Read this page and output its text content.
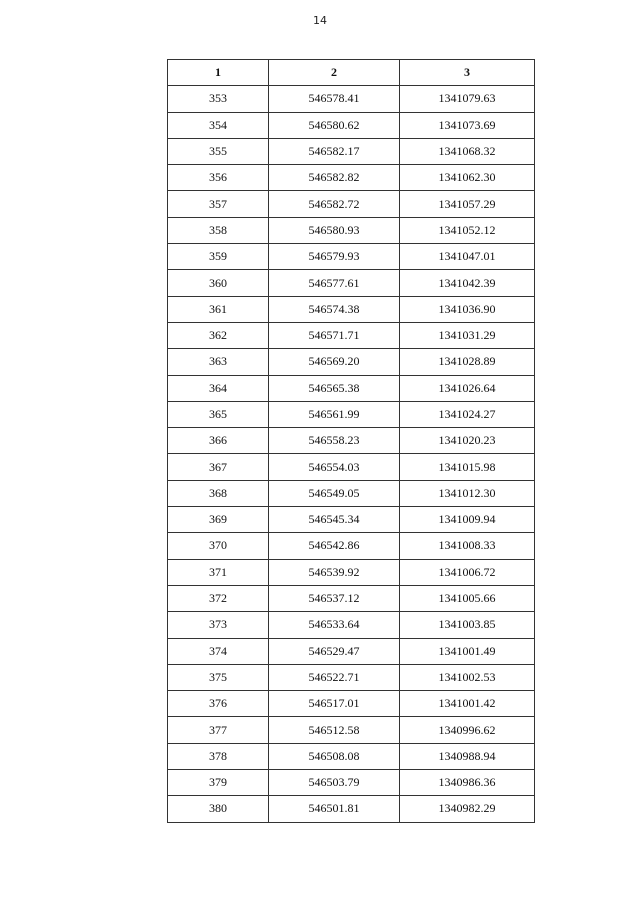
14
1	2	3
353	546578.41	1341079.63
354	546580.62	1341073.69
355	546582.17	1341068.32
356	546582.82	1341062.30
357	546582.72	1341057.29
358	546580.93	1341052.12
359	546579.93	1341047.01
360	546577.61	1341042.39
361	546574.38	1341036.90
362	546571.71	1341031.29
363	546569.20	1341028.89
364	546565.38	1341026.64
365	546561.99	1341024.27
366	546558.23	1341020.23
367	546554.03	1341015.98
368	546549.05	1341012.30
369	546545.34	1341009.94
370	546542.86	1341008.33
371	546539.92	1341006.72
372	546537.12	1341005.66
373	546533.64	1341003.85
374	546529.47	1341001.49
375	546522.71	1341002.53
376	546517.01	1341001.42
377	546512.58	1340996.62
378	546508.08	1340988.94
379	546503.79	1340986.36
380	546501.81	1340982.29
